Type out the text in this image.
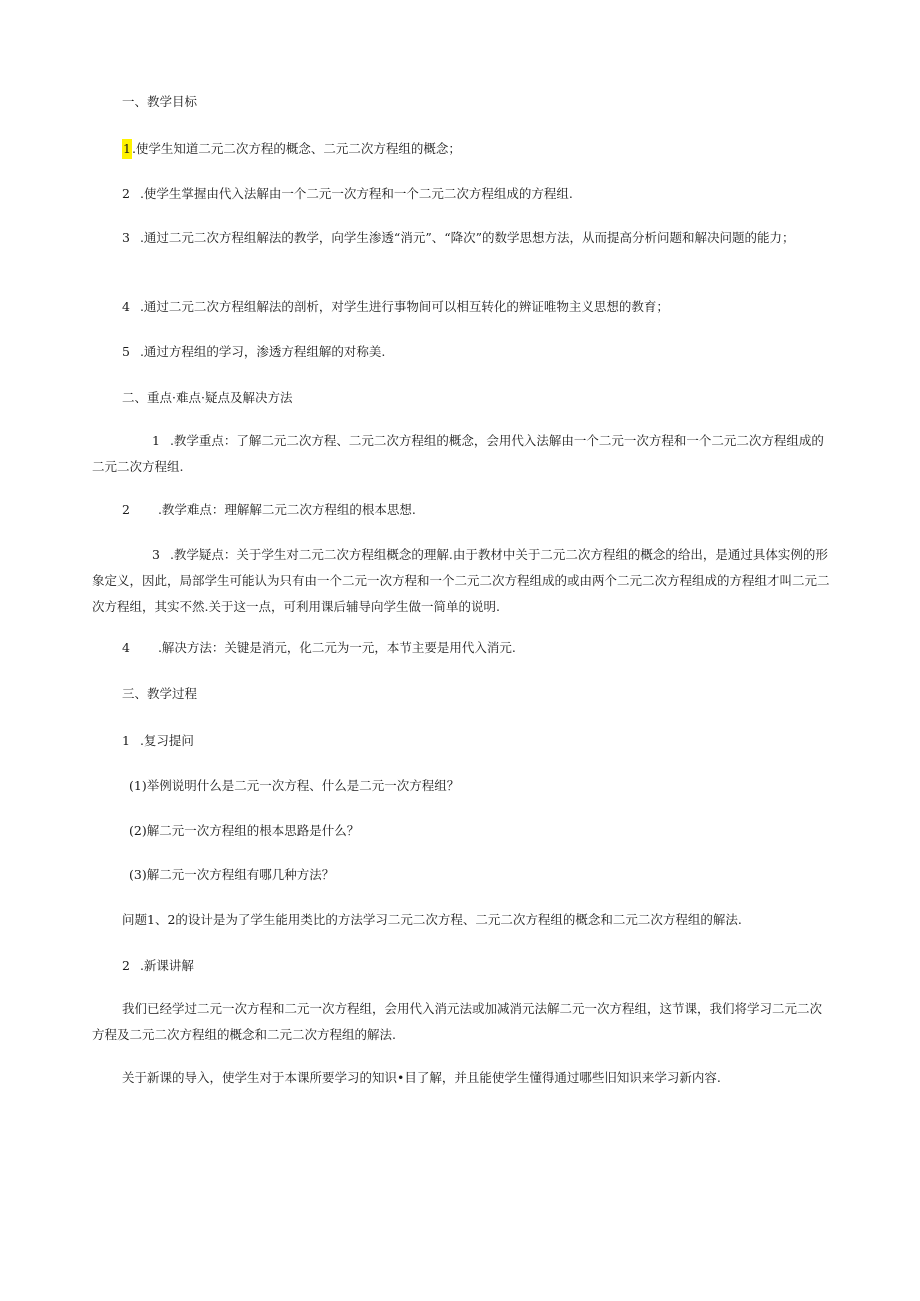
一、教学目标
1.使学生知道二元二次方程的概念、二元二次方程组的概念；
2 .使学生掌握由代入法解由一个二元一次方程和一个二元二次方程组成的方程组.
3 .通过二元二次方程组解法的教学，向学生渗透“消元”、“降次”的数学思想方法，从而提高分析问题和解决问题的能力；
4 .通过二元二次方程组解法的剖析，对学生进行事物间可以相互转化的辨证唯物主义思想的教育；
5 .通过方程组的学习，渗透方程组解的对称美.
二、重点·难点·疑点及解决方法
1 .教学重点：了解二元二次方程、二元二次方程组的概念，会用代入法解由一个二元一次方程和一个二元二次方程组成的二元二次方程组.
2 .教学难点：理解解二元二次方程组的根本思想.
3 .教学疑点：关于学生对二元二次方程组概念的理解.由于教材中关于二元二次方程组的概念的给出，是通过具体实例的形象定义，因此，局部学生可能认为只有由一个二元一次方程和一个二元二次方程组成的或由两个二元二次方程组成的方程组才叫二元二次方程组，其实不然.关于这一点，可利用课后辅导向学生做一简单的说明.
4 .解决方法：关键是消元，化二元为一元，本节主要是用代入消元.
三、教学过程
1 .复习提问
(1)举例说明什么是二元一次方程、什么是二元一次方程组？
(2)解二元一次方程组的根本思路是什么？
(3)解二元一次方程组有哪几种方法？
问题1、2的设计是为了学生能用类比的方法学习二元二次方程、二元二次方程组的概念和二元二次方程组的解法.
2 .新课讲解
我们已经学过二元一次方程和二元一次方程组，会用代入消元法或加减消元法解二元一次方程组，这节课，我们将学习二元二次方程及二元二次方程组的概念和二元二次方程组的解法.
关于新课的导入，使学生对于本课所要学习的知识•目了解，并且能使学生懂得通过哪些旧知识来学习新内容.
